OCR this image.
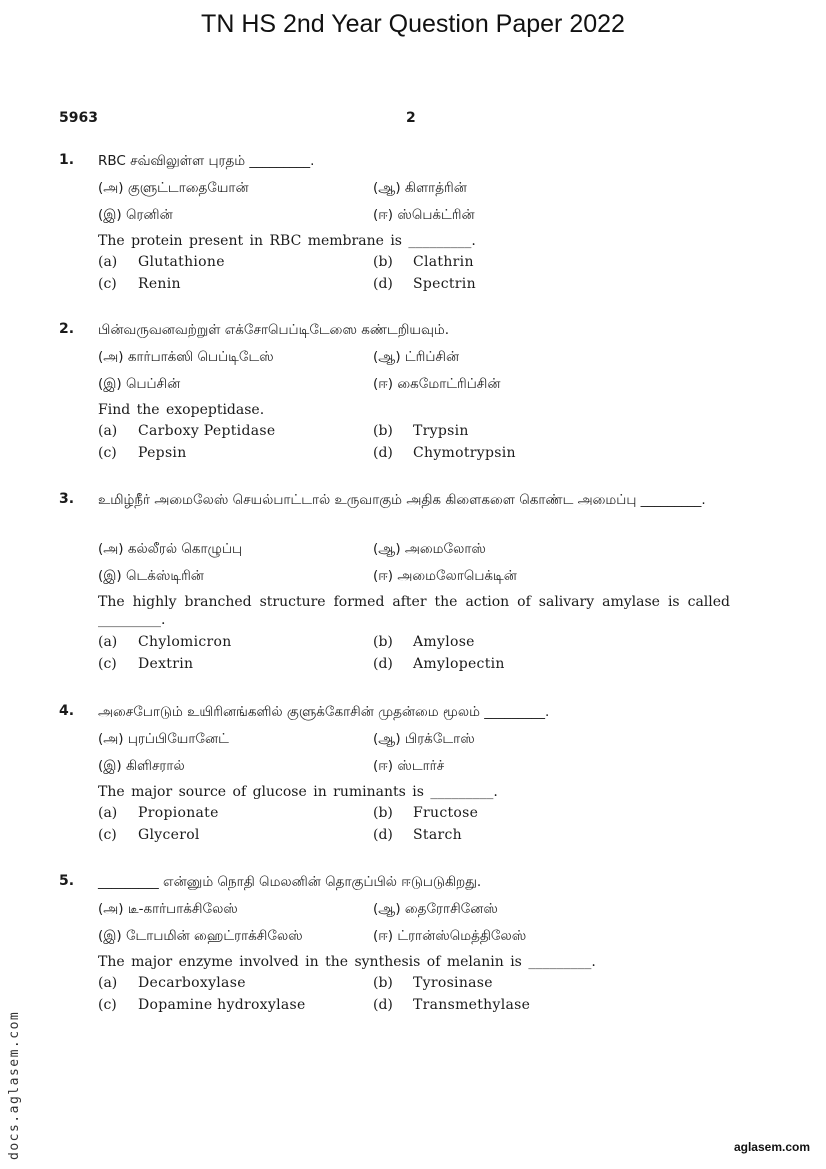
TN HS 2nd Year Question Paper 2022
5963	2
1. RBC சவ்விலுள்ள புரதம் _________.
(அ) குளுட்டாதையோன்	(ஆ) கிளாத்ரின்
(இ) ரெனின்	(ஈ) ஸ்பெக்ட்ரின்
The protein present in RBC membrane is _________.
(a) Glutathione	(b) Clathrin
(c) Renin	(d) Spectrin
2. பின்வருவனவற்றுள் எக்சோபெப்டிடேஸை கண்டறியவும்.
(அ) கார்பாக்ஸி பெப்டிடேஸ்	(ஆ) ட்ரிப்சின்
(இ) பெப்சின்	(ஈ) கைமோட்ரிப்சின்
Find the exopeptidase.
(a) Carboxy Peptidase	(b) Trypsin
(c) Pepsin	(d) Chymotrypsin
3. உமிழ்நீர் அமைலேஸ் செயல்பாட்டால் உருவாகும் அதிக கிளைகளை கொண்ட அமைப்பு _________.
(அ) கல்லீரல் கொழுப்பு	(ஆ) அமைலோஸ்
(இ) டெக்ஸ்டிரின்	(ஈ) அமைலோபெக்டின்
The highly branched structure formed after the action of salivary amylase is called _________.
(a) Chylomicron	(b) Amylose
(c) Dextrin	(d) Amylopectin
4. அசைபோடும் உயிரினங்களில் குளுக்கோசின் முதன்மை மூலம் _________.
(அ) புரப்பியோனேட்	(ஆ) பிரக்டோஸ்
(இ) கிளிசரால்	(ஈ) ஸ்டார்ச்
The major source of glucose in ruminants is _________.
(a) Propionate	(b) Fructose
(c) Glycerol	(d) Starch
5. _________ என்னும் நொதி மெலனின் தொகுப்பில் ஈடுபடுகிறது.
(அ) டீ-கார்பாக்சிலேஸ்	(ஆ) தைரோசினேஸ்
(இ) டோபமின் ஹைட்ராக்சிலேஸ்	(ஈ) ட்ரான்ஸ்மெத்திலேஸ்
The major enzyme involved in the synthesis of melanin is _________.
(a) Decarboxylase	(b) Tyrosinase
(c) Dopamine hydroxylase	(d) Transmethylase
docs.aglasem.com	aglasem.com
